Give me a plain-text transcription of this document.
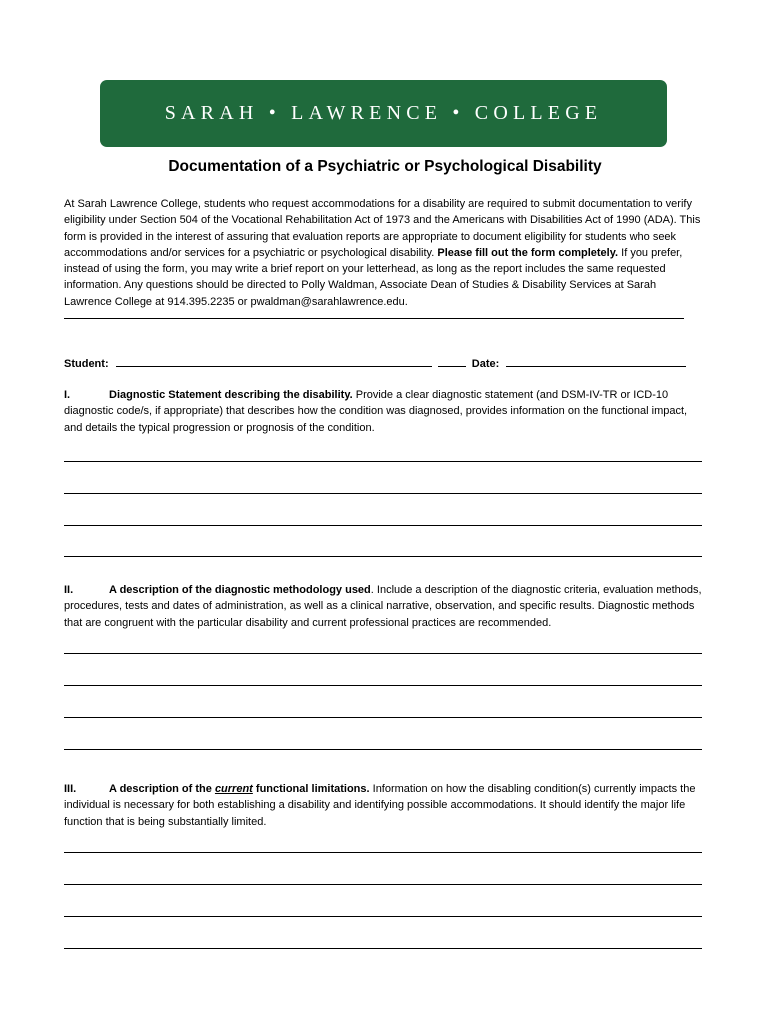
SARAH • LAWRENCE • COLLEGE
Documentation of a Psychiatric or Psychological Disability
At Sarah Lawrence College, students who request accommodations for a disability are required to submit documentation to verify eligibility under Section 504 of the Vocational Rehabilitation Act of 1973 and the Americans with Disabilities Act of 1990 (ADA). This form is provided in the interest of assuring that evaluation reports are appropriate to document eligibility for students who seek accommodations and/or services for a psychiatric or psychological disability. Please fill out the form completely. If you prefer, instead of using the form, you may write a brief report on your letterhead, as long as the report includes the same requested information. Any questions should be directed to Polly Waldman, Associate Dean of Studies & Disability Services at Sarah Lawrence College at 914.395.2235 or pwaldman@sarahlawrence.edu.
Student:	Date:
I.	Diagnostic Statement describing the disability. Provide a clear diagnostic statement (and DSM-IV-TR or ICD-10 diagnostic code/s, if appropriate) that describes how the condition was diagnosed, provides information on the functional impact, and details the typical progression or prognosis of the condition.
II.	A description of the diagnostic methodology used. Include a description of the diagnostic criteria, evaluation methods, procedures, tests and dates of administration, as well as a clinical narrative, observation, and specific results. Diagnostic methods that are congruent with the particular disability and current professional practices are recommended.
III.	A description of the current functional limitations. Information on how the disabling condition(s) currently impacts the individual is necessary for both establishing a disability and identifying possible accommodations. It should identify the major life function that is being substantially limited.
